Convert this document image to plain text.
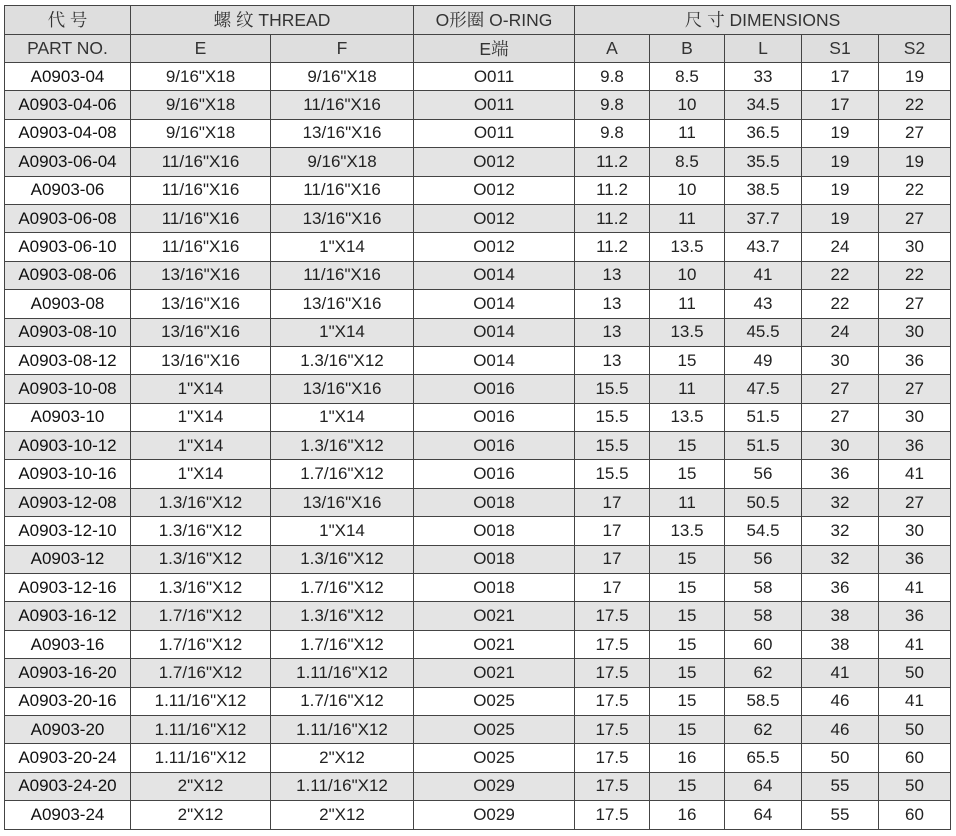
代 号	螺 纹 THREAD		O形圈 O-RING	尺 寸 DIMENSIONS				
PART NO.	E	F	E端	A	B	L	S1	S2
A0903-04	9/16"X18	9/16"X18	O011	9.8	8.5	33	17	19
A0903-04-06	9/16"X18	11/16"X16	O011	9.8	10	34.5	17	22
A0903-04-08	9/16"X18	13/16"X16	O011	9.8	11	36.5	19	27
A0903-06-04	11/16"X16	9/16"X18	O012	11.2	8.5	35.5	19	19
A0903-06	11/16"X16	11/16"X16	O012	11.2	10	38.5	19	22
A0903-06-08	11/16"X16	13/16"X16	O012	11.2	11	37.7	19	27
A0903-06-10	11/16"X16	1"X14	O012	11.2	13.5	43.7	24	30
A0903-08-06	13/16"X16	11/16"X16	O014	13	10	41	22	22
A0903-08	13/16"X16	13/16"X16	O014	13	11	43	22	27
A0903-08-10	13/16"X16	1"X14	O014	13	13.5	45.5	24	30
A0903-08-12	13/16"X16	1.3/16"X12	O014	13	15	49	30	36
A0903-10-08	1"X14	13/16"X16	O016	15.5	11	47.5	27	27
A0903-10	1"X14	1"X14	O016	15.5	13.5	51.5	27	30
A0903-10-12	1"X14	1.3/16"X12	O016	15.5	15	51.5	30	36
A0903-10-16	1"X14	1.7/16"X12	O016	15.5	15	56	36	41
A0903-12-08	1.3/16"X12	13/16"X16	O018	17	11	50.5	32	27
A0903-12-10	1.3/16"X12	1"X14	O018	17	13.5	54.5	32	30
A0903-12	1.3/16"X12	1.3/16"X12	O018	17	15	56	32	36
A0903-12-16	1.3/16"X12	1.7/16"X12	O018	17	15	58	36	41
A0903-16-12	1.7/16"X12	1.3/16"X12	O021	17.5	15	58	38	36
A0903-16	1.7/16"X12	1.7/16"X12	O021	17.5	15	60	38	41
A0903-16-20	1.7/16"X12	1.11/16"X12	O021	17.5	15	62	41	50
A0903-20-16	1.11/16"X12	1.7/16"X12	O025	17.5	15	58.5	46	41
A0903-20	1.11/16"X12	1.11/16"X12	O025	17.5	15	62	46	50
A0903-20-24	1.11/16"X12	2"X12	O025	17.5	16	65.5	50	60
A0903-24-20	2"X12	1.11/16"X12	O029	17.5	15	64	55	50
A0903-24	2"X12	2"X12	O029	17.5	16	64	55	60
